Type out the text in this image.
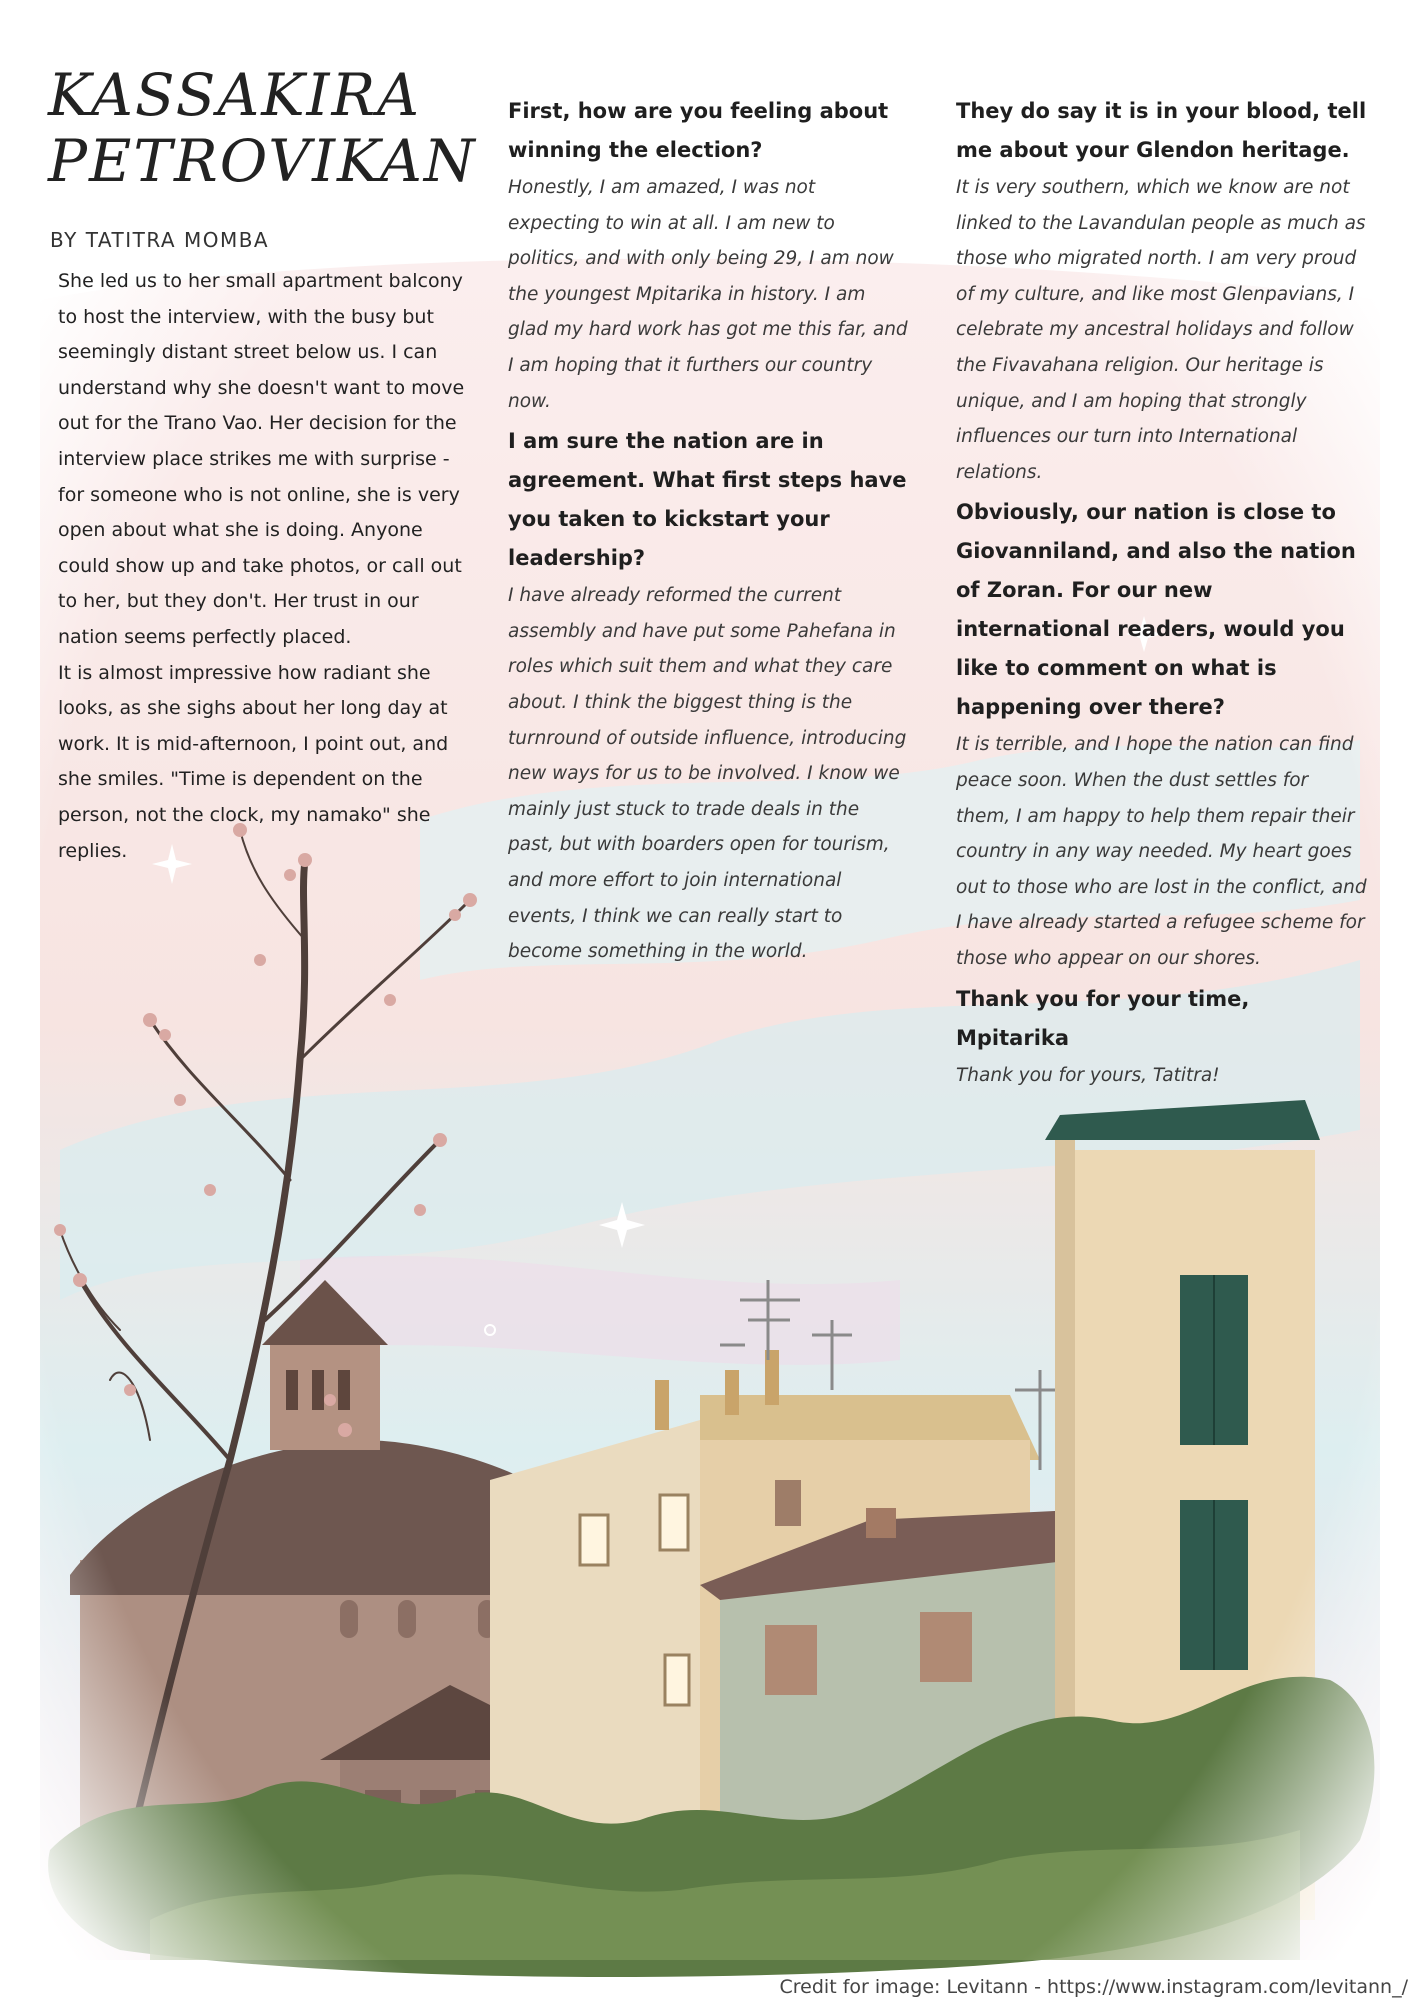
KASSAKIRA
PETROVIKAN
BY TATITRA MOMBA

She led us to her small apartment balcony to host the interview, with the busy but seemingly distant street below us. I can understand why she doesn't want to move out for the Trano Vao. Her decision for the interview place strikes me with surprise - for someone who is not online, she is very open about what she is doing. Anyone could show up and take photos, or call out to her, but they don't. Her trust in our nation seems perfectly placed.

It is almost impressive how radiant she looks, as she sighs about her long day at work. It is mid-afternoon, I point out, and she smiles. "Time is dependent on the person, not the clock, my namako" she replies.

First, how are you feeling about winning the election?

Honestly, I am amazed, I was not expecting to win at all. I am new to politics, and with only being 29, I am now the youngest Mpitarika in history. I am glad my hard work has got me this far, and I am hoping that it furthers our country now.

I am sure the nation are in agreement. What first steps have you taken to kickstart your leadership?

I have already reformed the current assembly and have put some Pahefana in roles which suit them and what they care about. I think the biggest thing is the turnround of outside influence, introducing new ways for us to be involved. I know we mainly just stuck to trade deals in the past, but with boarders open for tourism, and more effort to join international events, I think we can really start to become something in the world.

They do say it is in your blood, tell me about your Glendon heritage.

It is very southern, which we know are not linked to the Lavandulan people as much as those who migrated north. I am very proud of my culture, and like most Glenpavians, I celebrate my ancestral holidays and follow the Fivavahana religion. Our heritage is unique, and I am hoping that strongly influences our turn into International relations.

Obviously, our nation is close to Giovanniland, and also the nation of Zoran. For our new international readers, would you like to comment on what is happening over there?

It is terrible, and I hope the nation can find peace soon. When the dust settles for them, I am happy to help them repair their country in any way needed. My heart goes out to those who are lost in the conflict, and I have already started a refugee scheme for those who appear on our shores.

Thank you for your time, Mpitarika

Thank you for yours, Tatitra!

Credit for image: Levitann - https://www.instagram.com/levitann_/
